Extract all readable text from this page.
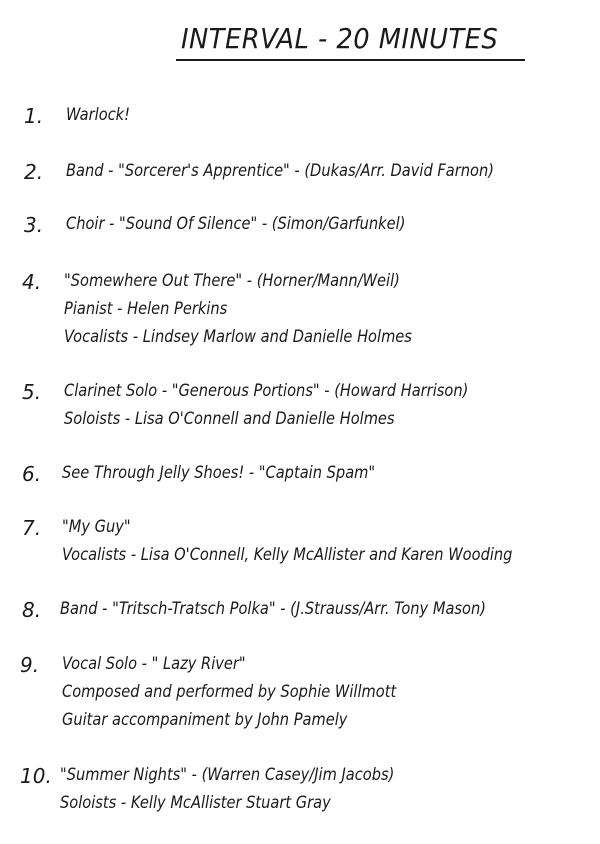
INTERVAL - 20 MINUTES
1. Warlock!
2. Band - "Sorcerer's Apprentice" - (Dukas/Arr. David Farnon)
3. Choir - "Sound Of Silence" - (Simon/Garfunkel)
4. "Somewhere Out There" - (Horner/Mann/Weil)
Pianist - Helen Perkins
Vocalists - Lindsey Marlow and Danielle Holmes
5. Clarinet Solo - "Generous Portions" - (Howard Harrison)
Soloists - Lisa O'Connell and Danielle Holmes
6. See Through Jelly Shoes! - "Captain Spam"
7. "My Guy"
Vocalists - Lisa O'Connell, Kelly McAllister and Karen Wooding
8. Band - "Tritsch-Tratsch Polka" - (J.Strauss/Arr. Tony Mason)
9. Vocal Solo - " Lazy River"
Composed and performed by Sophie Willmott
Guitar accompaniment by John Pamely
10. "Summer Nights" - (Warren Casey/Jim Jacobs)
Soloists - Kelly McAllister Stuart Gray
